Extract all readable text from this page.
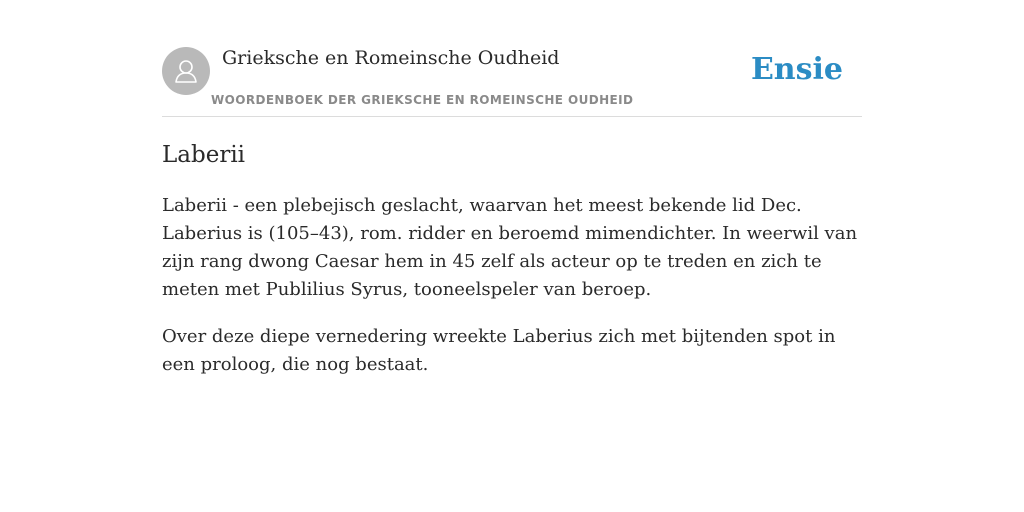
Grieksche en Romeinsche Oudheid
WOORDENBOEK DER GRIEKSCHE EN ROMEINSCHE OUDHEID
Ensie
Laberii

Laberii - een plebejisch geslacht, waarvan het meest bekende lid Dec. Laberius is (105–43), rom. ridder en beroemd mimendichter. In weerwil van zijn rang dwong Caesar hem in 45 zelf als acteur op te treden en zich te meten met Publilius Syrus, tooneelspeler van beroep.

Over deze diepe vernedering wreekte Laberius zich met bijtenden spot in een proloog, die nog bestaat.
